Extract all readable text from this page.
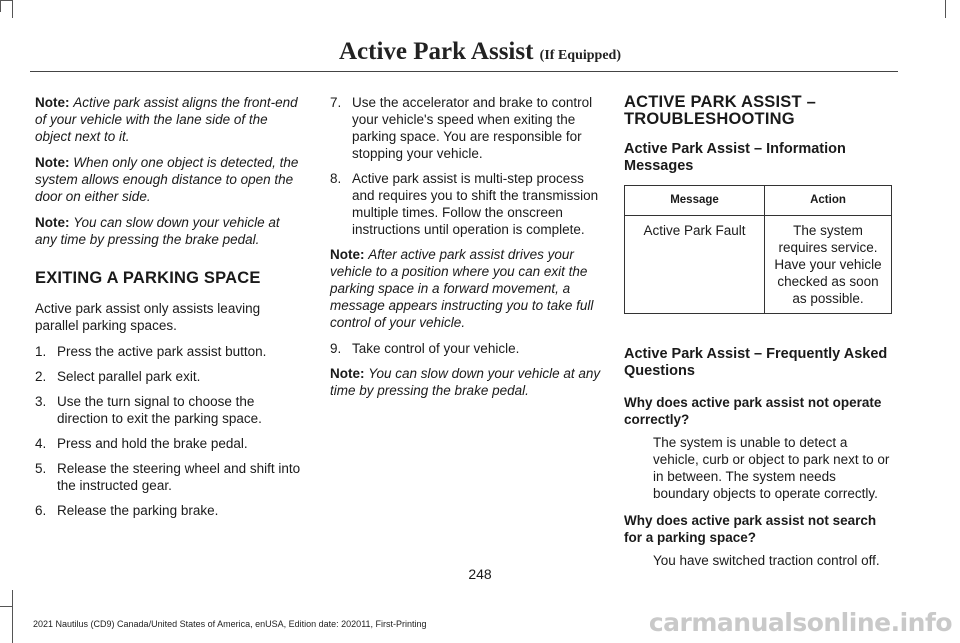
Active Park Assist (If Equipped)

Note: Active park assist aligns the front-end of your vehicle with the lane side of the object next to it.

Note: When only one object is detected, the system allows enough distance to open the door on either side.

Note: You can slow down your vehicle at any time by pressing the brake pedal.

EXITING A PARKING SPACE

Active park assist only assists leaving parallel parking spaces.

1. Press the active park assist button.
2. Select parallel park exit.
3. Use the turn signal to choose the direction to exit the parking space.
4. Press and hold the brake pedal.
5. Release the steering wheel and shift into the instructed gear.
6. Release the parking brake.
7. Use the accelerator and brake to control your vehicle's speed when exiting the parking space. You are responsible for stopping your vehicle.
8. Active park assist is multi-step process and requires you to shift the transmission multiple times. Follow the onscreen instructions until operation is complete.

Note: After active park assist drives your vehicle to a position where you can exit the parking space in a forward movement, a message appears instructing you to take full control of your vehicle.

9. Take control of your vehicle.

Note: You can slow down your vehicle at any time by pressing the brake pedal.

ACTIVE PARK ASSIST –
TROUBLESHOOTING
Active Park Assist – Information Messages
Message	Action
Active Park Fault	The system requires service. Have your vehicle checked as soon as possible.
Active Park Assist – Frequently Asked Questions

Why does active park assist not operate correctly?

The system is unable to detect a vehicle, curb or object to park next to or in between. The system needs boundary objects to operate correctly.

Why does active park assist not search for a parking space?

You have switched traction control off.

248
2021 Nautilus (CD9) Canada/United States of America, enUSA, Edition date: 202011, First-Printing	carmanualsonline.info
